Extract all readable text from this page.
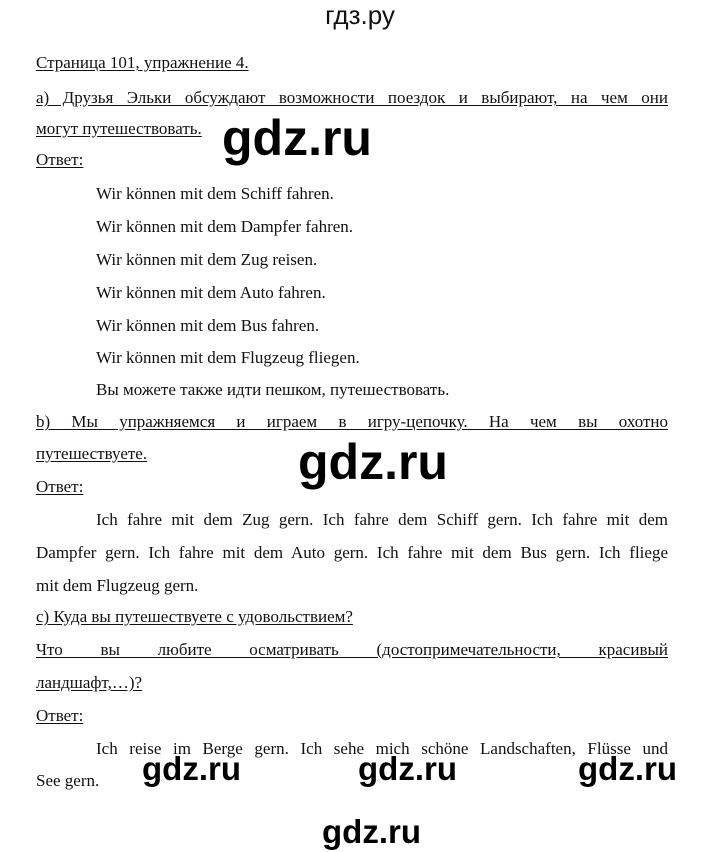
гдз.ру
Страница 101, упражнение 4.
a) Друзья Эльки обсуждают возможности поездок и выбирают, на чем они
могут путешествовать.
Ответ:
Wir können mit dem Schiff fahren.
Wir können mit dem Dampfer fahren.
Wir können mit dem Zug reisen.
Wir können mit dem Auto fahren.
Wir können mit dem Bus fahren.
Wir können mit dem Flugzeug fliegen.
Вы можете также идти пешком, путешествовать.
b) Мы упражняемся и играем в игру-цепочку. На чем вы охотно
путешествуете.
Ответ:
Ich fahre mit dem Zug gern. Ich fahre dem Schiff gern. Ich fahre mit dem
Dampfer gern. Ich fahre mit dem Auto gern. Ich fahre mit dem Bus gern. Ich fliege
mit dem Flugzeug gern.
c) Куда вы путешествуете с удовольствием?
Что вы любите осматривать (достопримечательности, красивый
ландшафт,…)?
Ответ:
Ich reise im Berge gern. Ich sehe mich schöne Landschaften, Flüsse und
See gern.
gdz.ru
gdz.ru
gdz.ru	gdz.ru	gdz.ru
gdz.ru
